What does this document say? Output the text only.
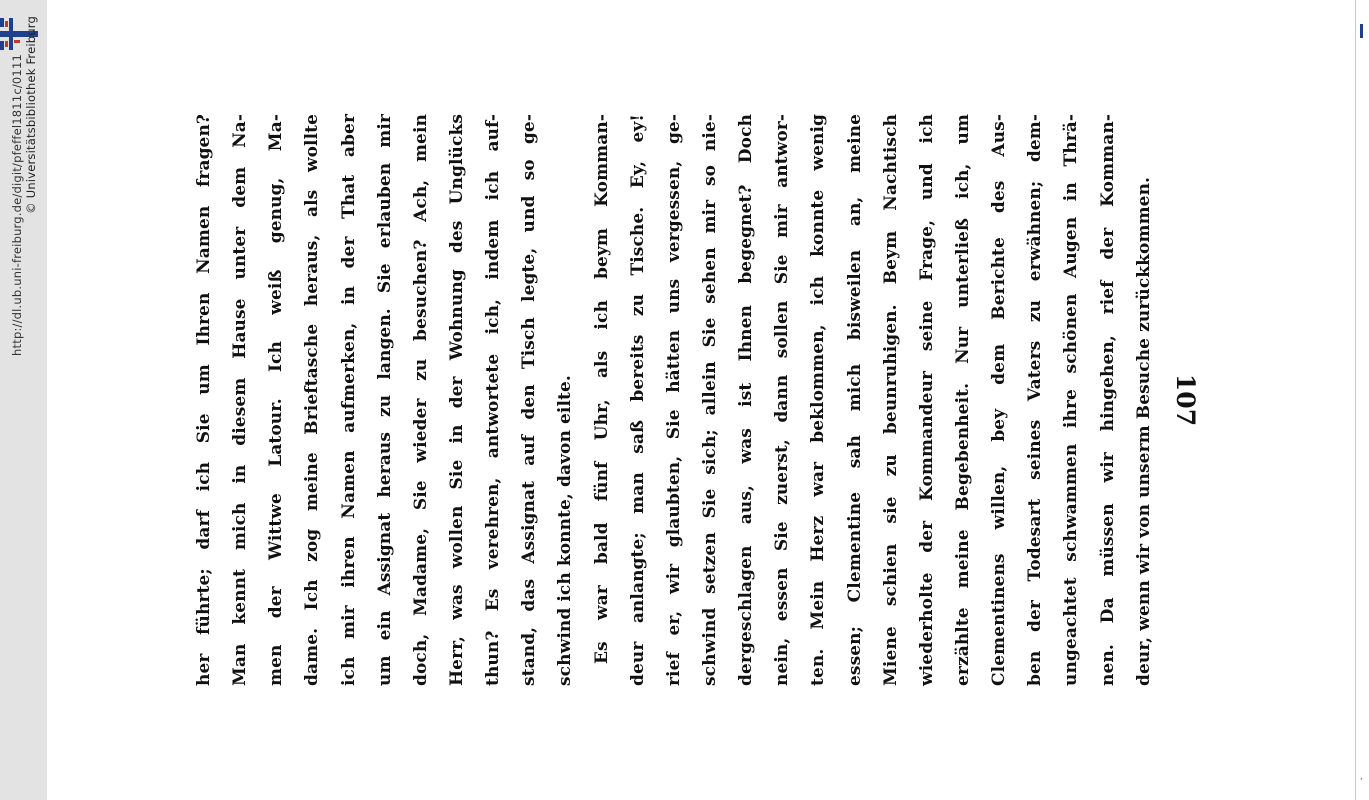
http://dl.ub.uni-freiburg.de/digit/pfeffel1811c/0111 © Universitätsbibliothek Freiburg
107
her führte; darf ich Sie um Ihren Namen fragen? Man kennt mich in diesem Hause unter dem Na- men der Wittwe Latour. Ich weiß genug, Ma- dame. Ich zog meine Brieftasche heraus, als wollte ich mir ihren Namen aufmerken, in der That aber um ein Assignat heraus zu langen. Sie erlauben mir doch, Madame, Sie wieder zu besuchen? Ach, mein Herr, was wollen Sie in der Wohnung des Unglücks thun? Es verehren, antwortete ich, indem ich auf- stand, das Assignat auf den Tisch legte, und so ge- schwind ich konnte, davon eilte. Es war bald fünf Uhr, als ich beym Komman- deur anlangte; man saß bereits zu Tische. Ey, ey! rief er, wir glaubten, Sie hätten uns vergessen, ge- schwind setzen Sie sich; allein Sie sehen mir so nie- dergeschlagen aus, was ist Ihnen begegnet? Doch nein, essen Sie zuerst, dann sollen Sie mir antwor- ten. Mein Herz war beklommen, ich konnte wenig essen; Clementine sah mich bisweilen an, meine Miene schien sie zu beunruhigen. Beym Nachtisch wiederholte der Kommandeur seine Frage, und ich erzählte meine Begebenheit. Nur unterließ ich, um Clementinens willen, bey dem Berichte des Aus- ben der Todesart seines Vaters zu erwähnen; dem- ungeachtet schwammen ihre schönen Augen in Thrä- nen. Da müssen wir hingehen, rief der Komman- deur, wenn wir von unserm Besuche zurückkommen.
,
